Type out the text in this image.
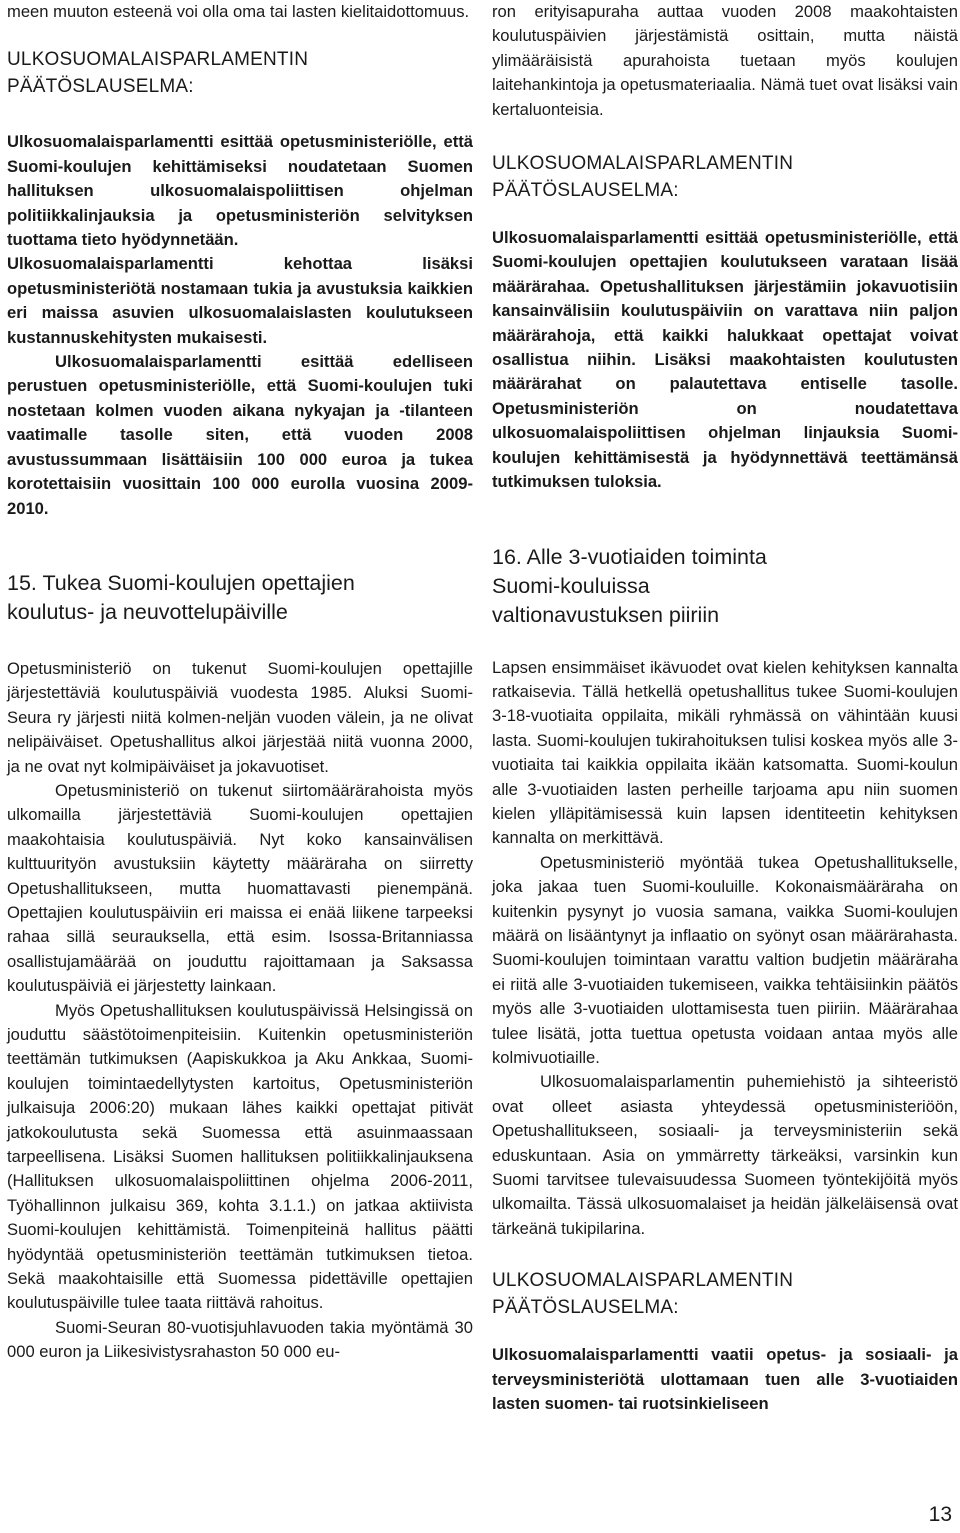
meen muuton esteenä voi olla oma tai lasten kielitaidottomuus.

ULKOSUOMALAISPARLAMENTIN
PÄÄTÖSLAUSELMA:

Ulkosuomalaisparlamentti esittää opetusministeriölle, että Suomi-koulujen kehittämiseksi noudatetaan Suomen hallituksen ulkosuomalaispoliittisen ohjelman politiikkalinjauksia ja opetusministeriön selvityksen tuottama tieto hyödynnetään.

Ulkosuomalaisparlamentti kehottaa lisäksi opetusministeriötä nostamaan tukia ja avustuksia kaikkien eri maissa asuvien ulkosuomalaislasten koulutukseen kustannuskehitysten mukaisesti.

Ulkosuomalaisparlamentti esittää edelliseen perustuen opetusministeriölle, että Suomi-koulujen tuki nostetaan kolmen vuoden aikana nykyajan ja -tilanteen vaatimalle tasolle siten, että vuoden 2008 avustussummaan lisättäisiin 100 000 euroa ja tukea korotettaisiin vuosittain 100 000 eurolla vuosina 2009-2010.

15. Tukea Suomi-koulujen opettajien
koulutus- ja neuvottelupäiville

Opetusministeriö on tukenut Suomi-koulujen opettajille järjestettäviä koulutuspäiviä vuodesta 1985. Aluksi Suomi-Seura ry järjesti niitä kolmen-neljän vuoden välein, ja ne olivat nelipäiväiset. Opetushallitus alkoi järjestää niitä vuonna 2000, ja ne ovat nyt kolmipäiväiset ja jokavuotiset.

Opetusministeriö on tukenut siirtomäärärahoista myös ulkomailla järjestettäviä Suomi-koulujen opettajien maakohtaisia koulutuspäiviä. Nyt koko kansainvälisen kulttuurityön avustuksiin käytetty määräraha on siirretty Opetushallitukseen, mutta huomattavasti pienempänä. Opettajien koulutuspäiviin eri maissa ei enää liikene tarpeeksi rahaa sillä seurauksella, että esim. Isossa-Britanniassa osallistujamäärää on jouduttu rajoittamaan ja Saksassa koulutuspäiviä ei järjestetty lainkaan.

Myös Opetushallituksen koulutuspäivissä Helsingissä on jouduttu säästötoimenpiteisiin. Kuitenkin opetusministeriön teettämän tutkimuksen (Aapiskukkoa ja Aku Ankkaa, Suomi-koulujen toimintaedellytysten kartoitus, Opetusministeriön julkaisuja 2006:20) mukaan lähes kaikki opettajat pitivät jatkokoulutusta sekä Suomessa että asuinmaassaan tarpeellisena. Lisäksi Suomen hallituksen politiikkalinjauksena (Hallituksen ulkosuomalaispoliittinen ohjelma 2006-2011, Työhallinnon julkaisu 369, kohta 3.1.1.) on jatkaa aktiivista Suomi-koulujen kehittämistä. Toimenpiteinä hallitus päätti hyödyntää opetusministeriön teettämän tutkimuksen tietoa. Sekä maakohtaisille että Suomessa pidettäville opettajien koulutuspäiville tulee taata riittävä rahoitus.

Suomi-Seuran 80-vuotisjuhlavuoden takia myöntämä 30 000 euron ja Liikesivistysrahaston 50 000 eu-

ron erityisapuraha auttaa vuoden 2008 maakohtaisten koulutuspäivien järjestämistä osittain, mutta näistä ylimääräisistä apurahoista tuetaan myös koulujen laitehankintoja ja opetusmateriaalia. Nämä tuet ovat lisäksi vain kertaluonteisia.

ULKOSUOMALAISPARLAMENTIN
PÄÄTÖSLAUSELMA:

Ulkosuomalaisparlamentti esittää opetusministeriölle, että Suomi-koulujen opettajien koulutukseen varataan lisää määrärahaa. Opetushallituksen järjestämiin jokavuotisiin kansainvälisiin koulutuspäiviin on varattava niin paljon määrärahoja, että kaikki halukkaat opettajat voivat osallistua niihin. Lisäksi maakohtaisten koulutusten määrärahat on palautettava entiselle tasolle. Opetusministeriön on noudatettava ulkosuomalaispoliittisen ohjelman linjauksia Suomi-koulujen kehittämisestä ja hyödynnettävä teettämänsä tutkimuksen tuloksia.

16. Alle 3-vuotiaiden toiminta
Suomi-kouluissa
valtionavustuksen piiriin

Lapsen ensimmäiset ikävuodet ovat kielen kehityksen kannalta ratkaisevia. Tällä hetkellä opetushallitus tukee Suomi-koulujen 3-18-vuotiaita oppilaita, mikäli ryhmässä on vähintään kuusi lasta. Suomi-koulujen tukirahoituksen tulisi koskea myös alle 3-vuotiaita tai kaikkia oppilaita ikään katsomatta. Suomi-koulun alle 3-vuotiaiden lasten perheille tarjoama apu niin suomen kielen ylläpitämisessä kuin lapsen identiteetin kehityksen kannalta on merkittävä.

Opetusministeriö myöntää tukea Opetushallitukselle, joka jakaa tuen Suomi-kouluille. Kokonaismääräraha on kuitenkin pysynyt jo vuosia samana, vaikka Suomi-koulujen määrä on lisääntynyt ja inflaatio on syönyt osan määrärahasta. Suomi-koulujen toimintaan varattu valtion budjetin määräraha ei riitä alle 3-vuotiaiden tukemiseen, vaikka tehtäisiinkin päätös myös alle 3-vuotiaiden ulottamisesta tuen piiriin. Määrärahaa tulee lisätä, jotta tuettua opetusta voidaan antaa myös alle kolmivuotiaille.

Ulkosuomalaisparlamentin puhemiehistö ja sihteeristö ovat olleet asiasta yhteydessä opetusministeriöön, Opetushallitukseen, sosiaali- ja terveysministeriin sekä eduskuntaan. Asia on ymmärretty tärkeäksi, varsinkin kun Suomi tarvitsee tulevaisuudessa Suomeen työntekijöitä myös ulkomailta. Tässä ulkosuomalaiset ja heidän jälkeläisensä ovat tärkeänä tukipilarina.

ULKOSUOMALAISPARLAMENTIN
PÄÄTÖSLAUSELMA:

Ulkosuomalaisparlamentti vaatii opetus- ja sosiaali- ja terveysministeriötä ulottamaan tuen alle 3-vuotiaiden lasten suomen- tai ruotsinkieliseen

13
